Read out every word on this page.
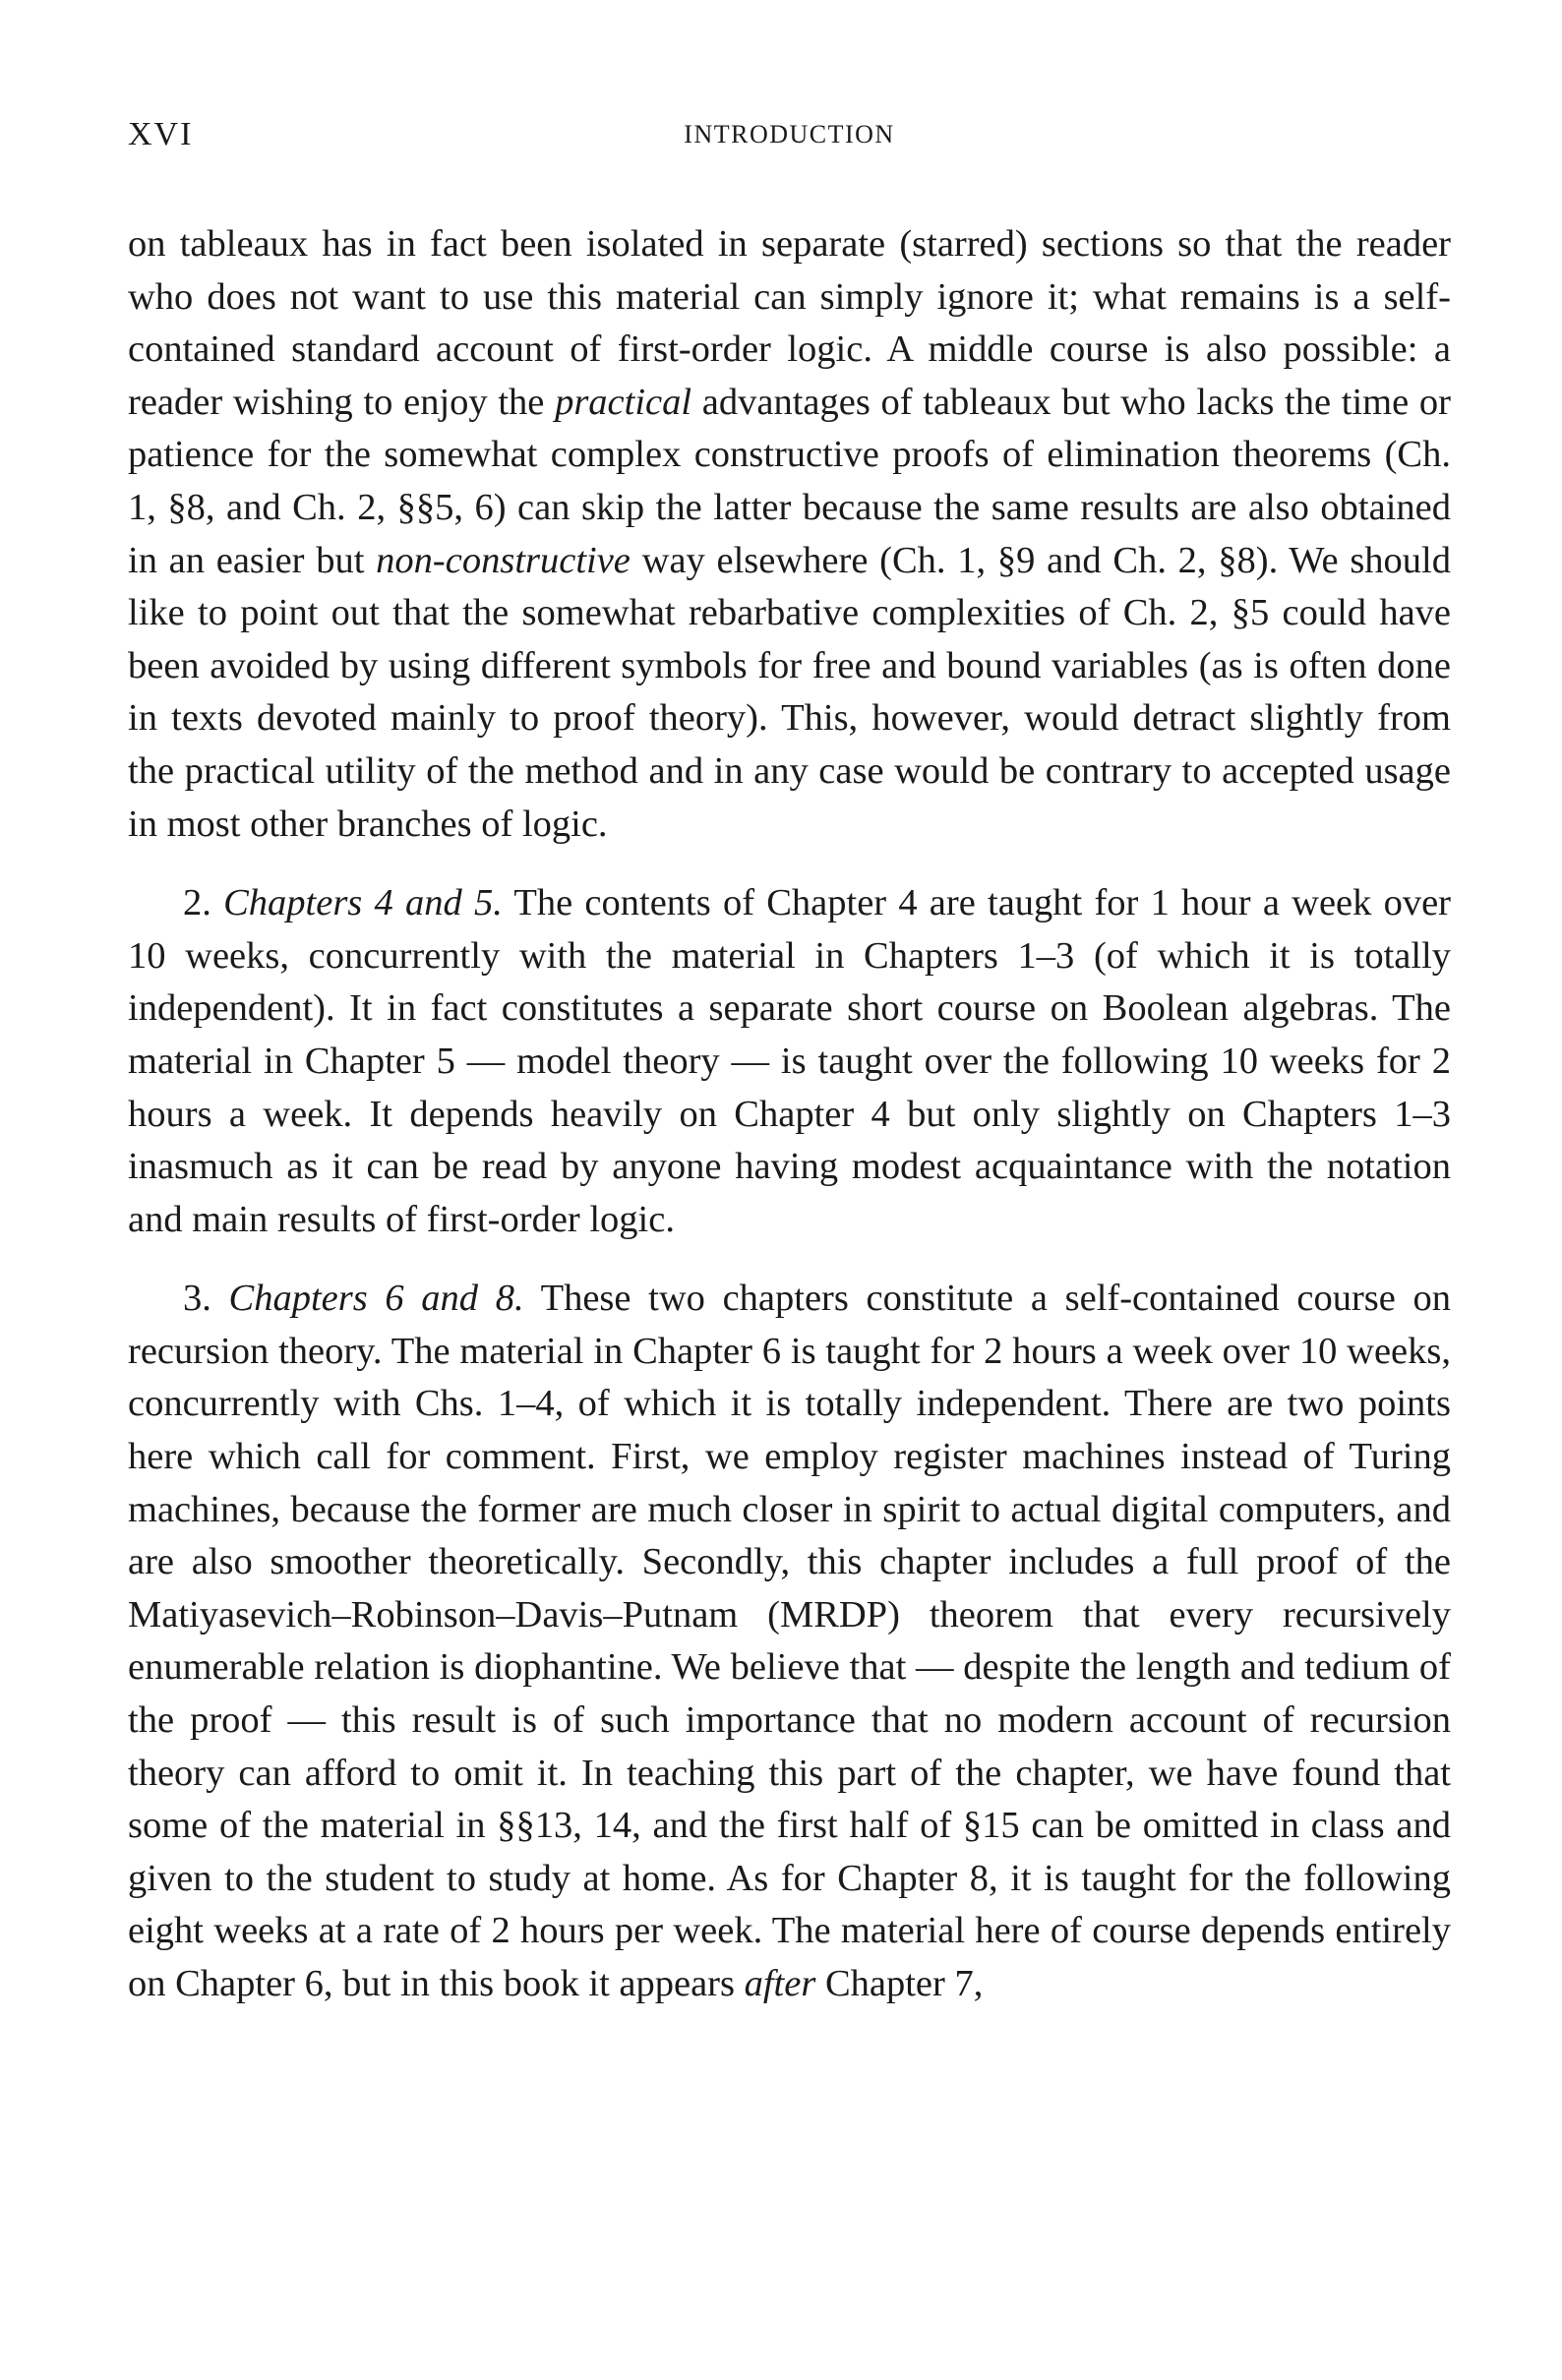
XVI	INTRODUCTION

on tableaux has in fact been isolated in separate (starred) sections so that the reader who does not want to use this material can simply ignore it; what remains is a self-contained standard account of first-order logic. A middle course is also possible: a reader wishing to enjoy the practical advantages of tableaux but who lacks the time or patience for the somewhat complex constructive proofs of elimination theorems (Ch. 1, §8, and Ch. 2, §§5, 6) can skip the latter because the same results are also obtained in an easier but non-constructive way elsewhere (Ch. 1, §9 and Ch. 2, §8). We should like to point out that the somewhat rebarbative complexities of Ch. 2, §5 could have been avoided by using different symbols for free and bound variables (as is often done in texts devoted mainly to proof theory). This, however, would detract slightly from the practical utility of the method and in any case would be contrary to accepted usage in most other branches of logic.

2. Chapters 4 and 5. The contents of Chapter 4 are taught for 1 hour a week over 10 weeks, concurrently with the material in Chapters 1–3 (of which it is totally independent). It in fact constitutes a separate short course on Boolean algebras. The material in Chapter 5 — model theory — is taught over the following 10 weeks for 2 hours a week. It depends heavily on Chapter 4 but only slightly on Chapters 1–3 inasmuch as it can be read by anyone having modest acquaintance with the notation and main results of first-order logic.

3. Chapters 6 and 8. These two chapters constitute a self-contained course on recursion theory. The material in Chapter 6 is taught for 2 hours a week over 10 weeks, concurrently with Chs. 1–4, of which it is totally independent. There are two points here which call for comment. First, we employ register machines instead of Turing machines, because the former are much closer in spirit to actual digital computers, and are also smoother theoretically. Secondly, this chapter includes a full proof of the Matiyasevich–Robinson–Davis–Putnam (MRDP) theorem that every recursively enumerable relation is diophantine. We believe that — despite the length and tedium of the proof — this result is of such importance that no modern account of recursion theory can afford to omit it. In teaching this part of the chapter, we have found that some of the material in §§13, 14, and the first half of §15 can be omitted in class and given to the student to study at home. As for Chapter 8, it is taught for the following eight weeks at a rate of 2 hours per week. The material here of course depends entirely on Chapter 6, but in this book it appears after Chapter 7,
